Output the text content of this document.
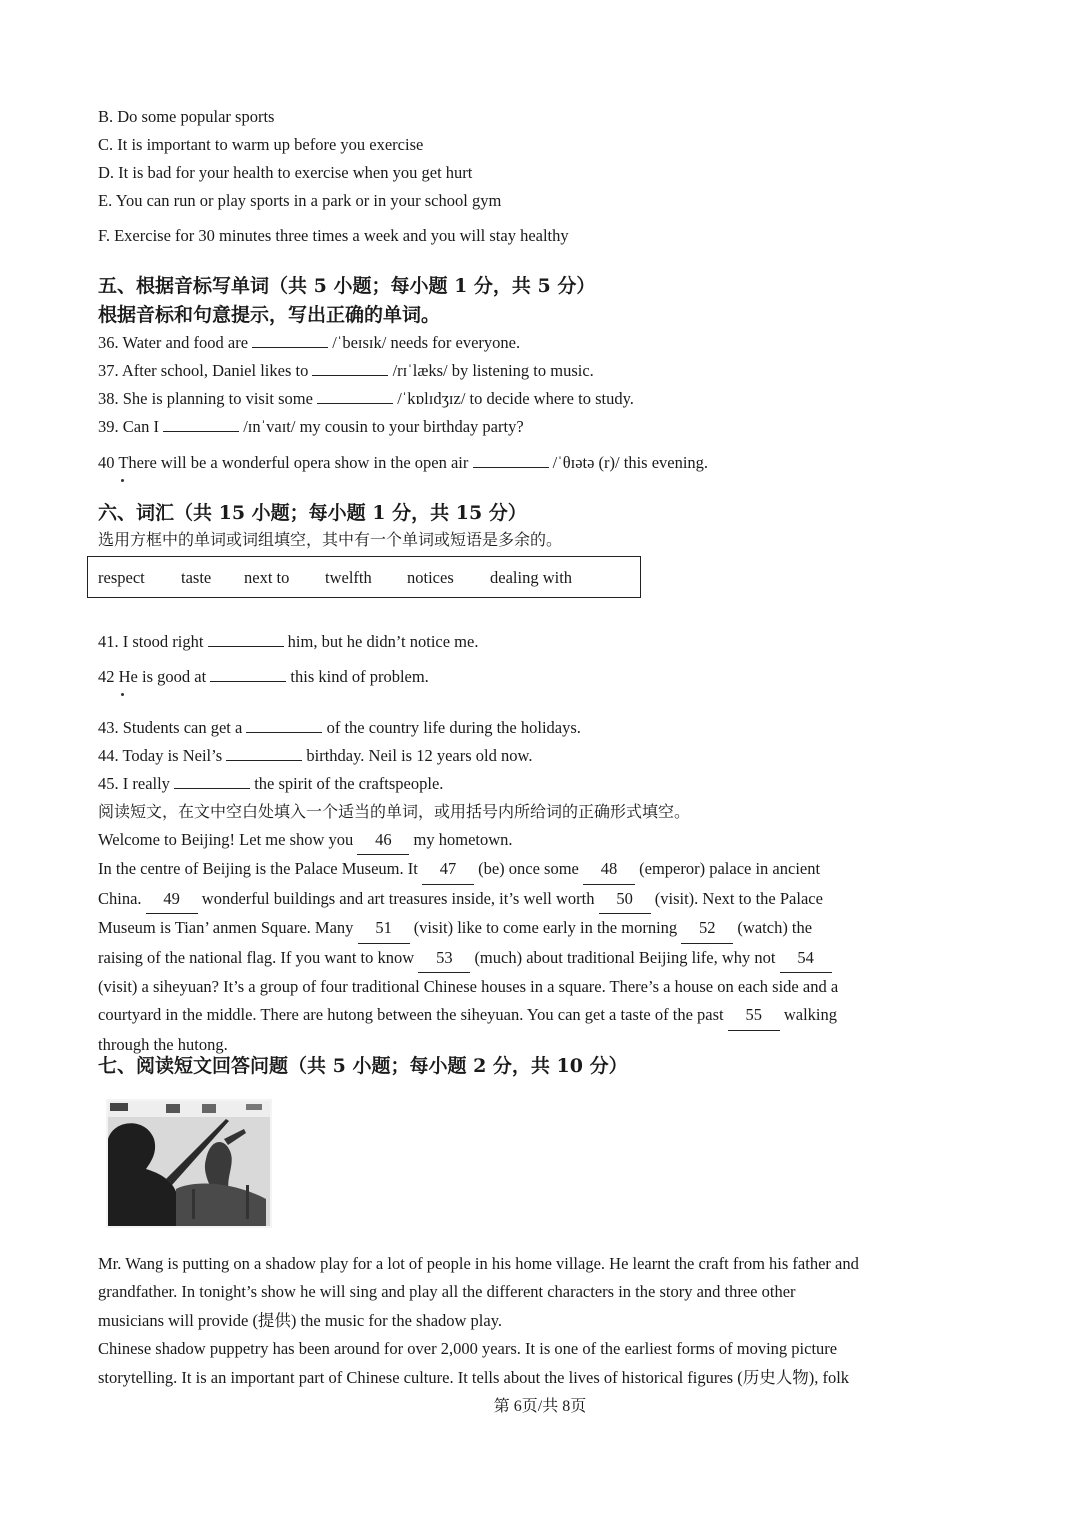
B. Do some popular sports
C. It is important to warm up before you exercise
D. It is bad for your health to exercise when you get hurt
E. You can run or play sports in a park or in your school gym
F. Exercise for 30 minutes three times a week and you will stay healthy
五、根据音标写单词（共 5 小题；每小题 1 分，共 5 分）
根据音标和句意提示，写出正确的单词。
36. Water and food are	/ˈbeɪsɪk/ needs for everyone.
37. After school, Daniel likes to	/rɪˈlæks/ by listening to music.
38. She is planning to visit some	/ˈkɒlɪdʒɪz/ to decide where to study.
39. Can I	/ɪnˈvaɪt/ my cousin to your birthday party?
40 There will be a wonderful opera show in the open air	/ˈθɪətə (r)/ this evening.
六、词汇（共 15 小题；每小题 1 分，共 15 分）
选用方框中的单词或词组填空，其中有一个单词或短语是多余的。
respect taste next to twelfth notices dealing with
41. I stood right	him, but he didn’t notice me.
42 He is good at	this kind of problem.
43. Students can get a	of the country life during the holidays.
44. Today is Neil’s	birthday. Neil is 12 years old now.
45. I really	the spirit of the craftspeople.
阅读短文，在文中空白处填入一个适当的单词，或用括号内所给词的正确形式填空。

Welcome to Beijing! Let me show you 46 my hometown.

In the centre of Beijing is the Palace Museum. It 47 (be) once some 48 (emperor) palace in ancient

China. 49 wonderful buildings and art treasures inside, it’s well worth 50 (visit). Next to the Palace

Museum is Tian’ anmen Square. Many 51 (visit) like to come early in the morning 52 (watch) the

raising of the national flag. If you want to know 53 (much) about traditional Beijing life, why not 54

(visit) a siheyuan? It’s a group of four traditional Chinese houses in a square. There’s a house on each side and a

courtyard in the middle. There are hutong between the siheyuan. You can get a taste of the past 55 walking

through the hutong.

七、阅读短文回答问题（共 5 小题；每小题 2 分，共 10 分）

Mr. Wang is putting on a shadow play for a lot of people in his home village. He learnt the craft from his father and

grandfather. In tonight’s show he will sing and play all the different characters in the story and three other

musicians will provide (提供) the music for the shadow play.

Chinese shadow puppetry has been around for over 2,000 years. It is one of the earliest forms of moving picture

storytelling. It is an important part of Chinese culture. It tells about the lives of historical figures (历史人物), folk

第 6页/共 8页
